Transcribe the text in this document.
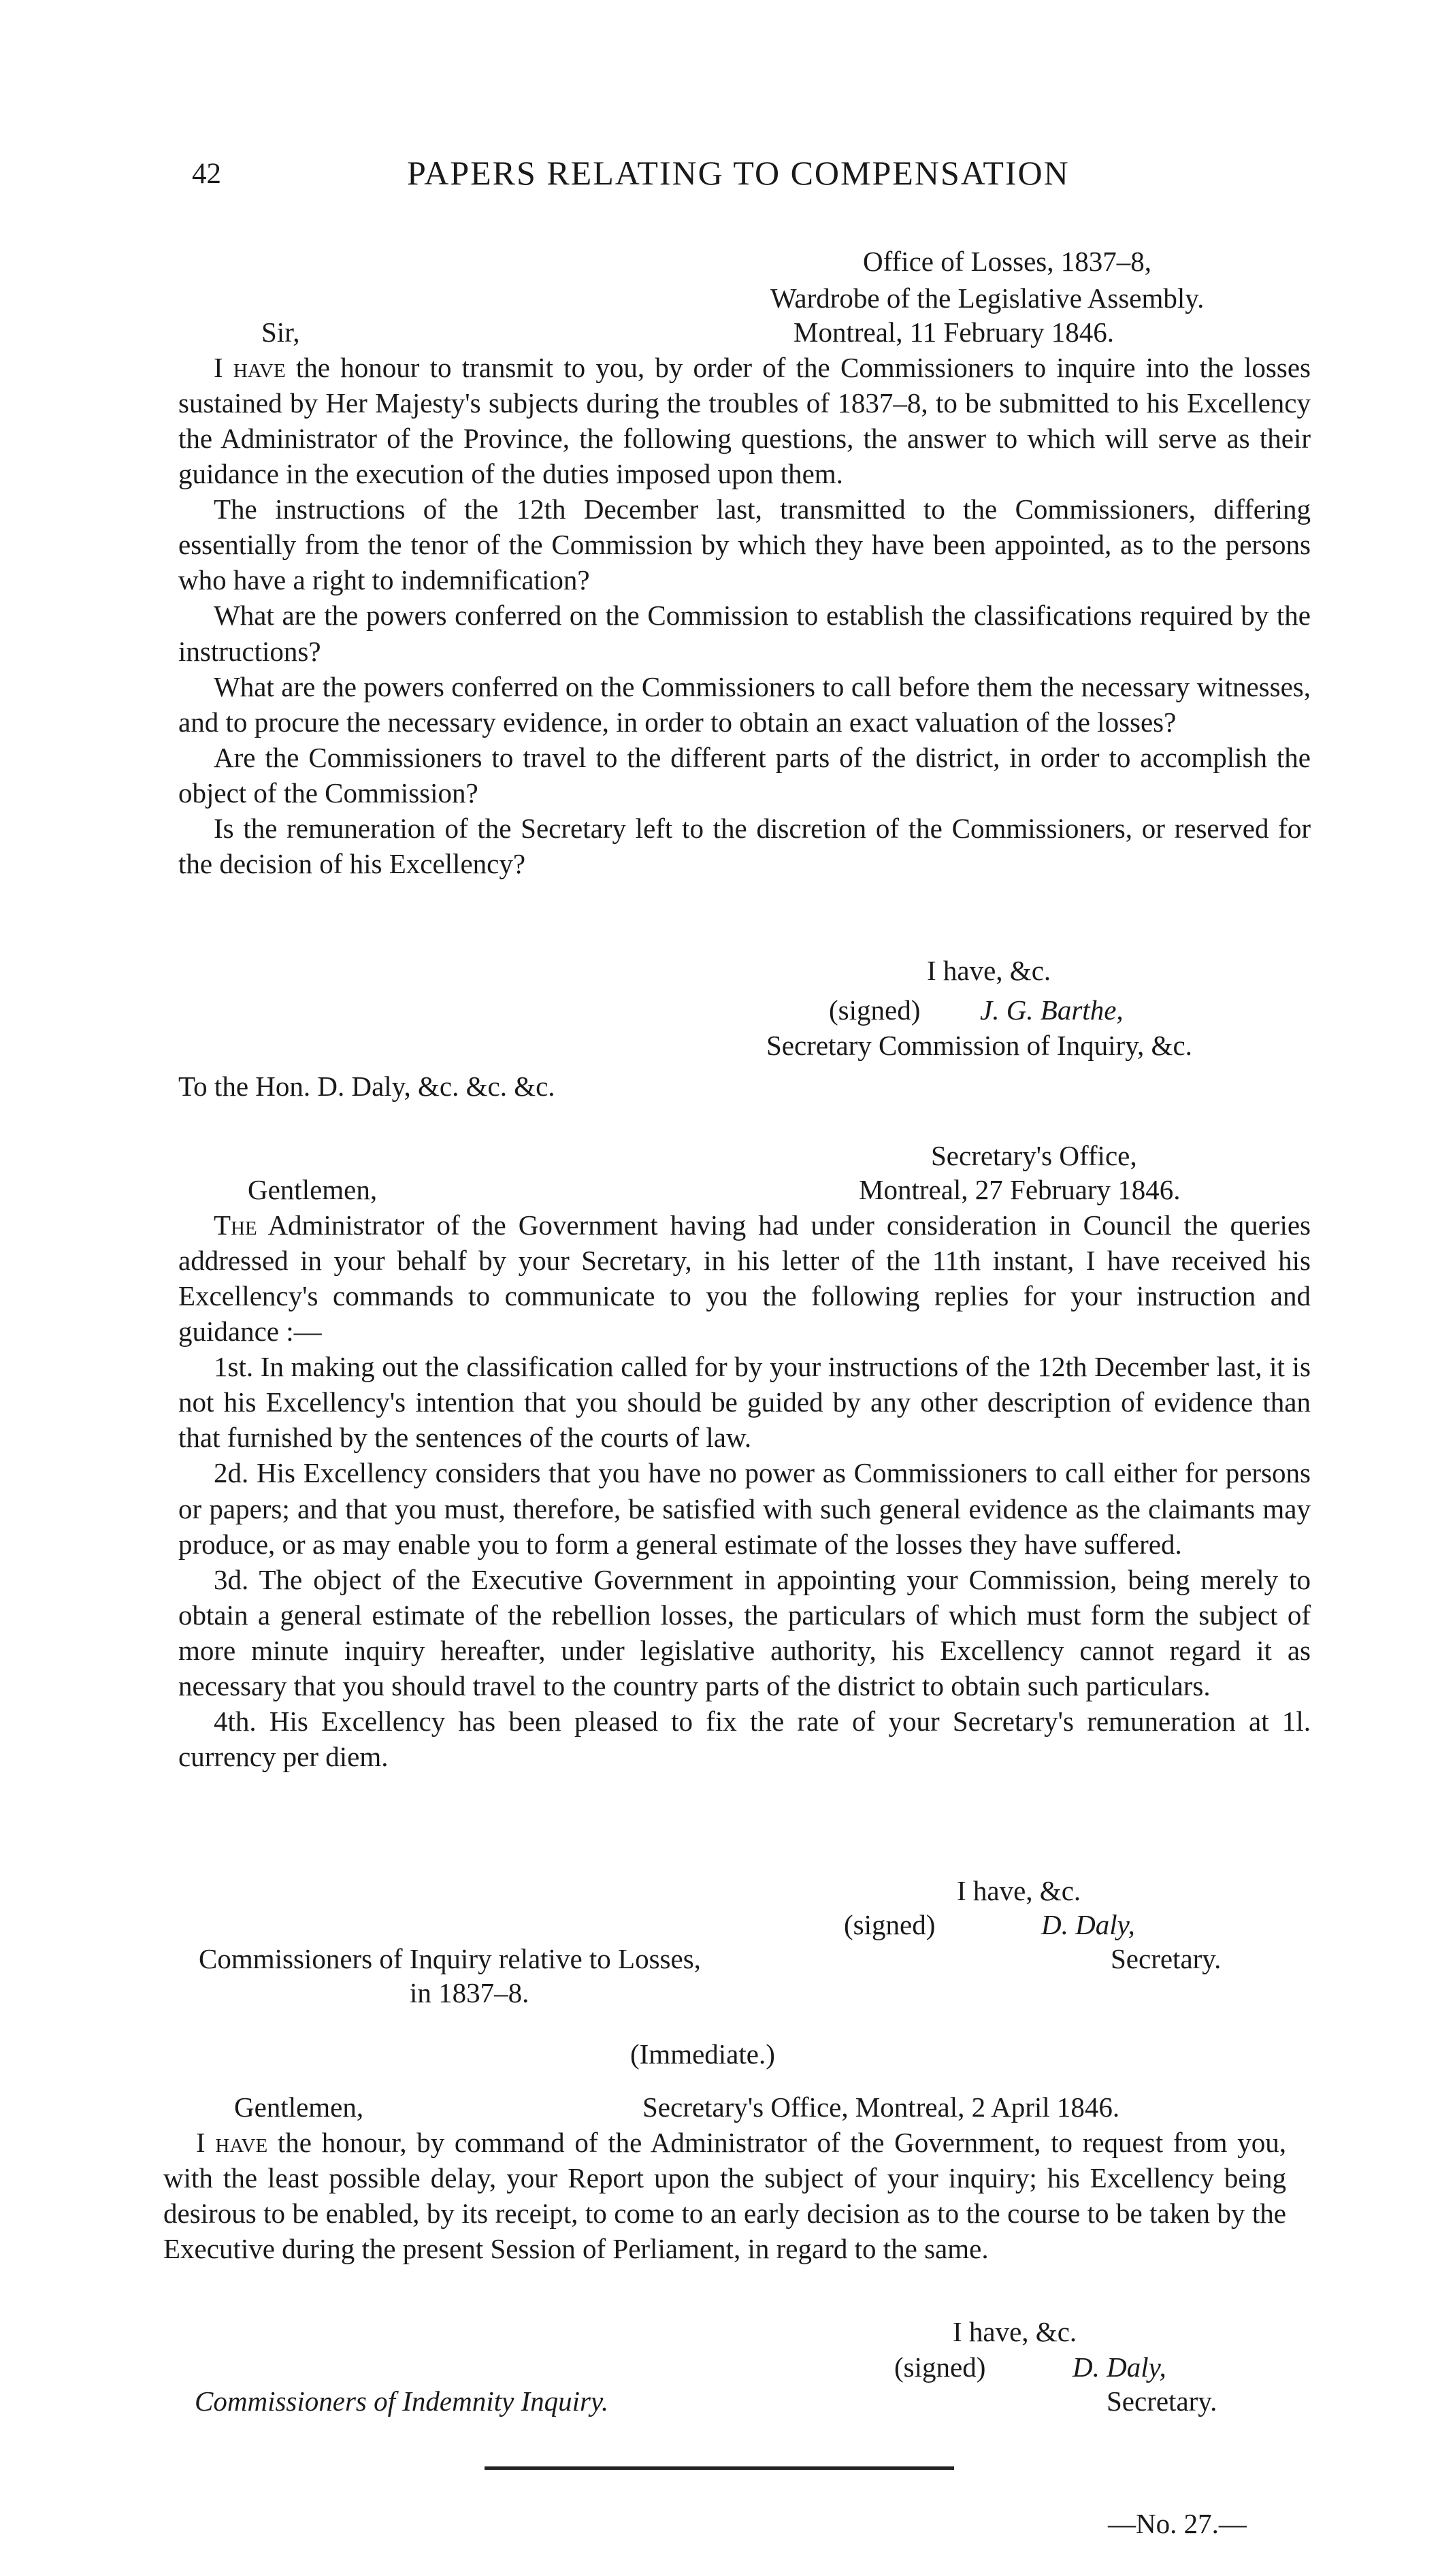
42	PAPERS RELATING TO COMPENSATION
Office of Losses, 1837–8,
Wardrobe of the Legislative Assembly.
Sir,	Montreal, 11 February 1846.

I have the honour to transmit to you, by order of the Commissioners to inquire into the losses sustained by Her Majesty's subjects during the troubles of 1837–8, to be submitted to his Excellency the Administrator of the Province, the following questions, the answer to which will serve as their guidance in the execution of the duties imposed upon them.

The instructions of the 12th December last, transmitted to the Commissioners, differing essentially from the tenor of the Commission by which they have been appointed, as to the persons who have a right to indemnification?

What are the powers conferred on the Commission to establish the classifications required by the instructions?

What are the powers conferred on the Commissioners to call before them the necessary witnesses, and to procure the necessary evidence, in order to obtain an exact valuation of the losses?

Are the Commissioners to travel to the different parts of the district, in order to accomplish the object of the Commission?

Is the remuneration of the Secretary left to the discretion of the Commissioners, or reserved for the decision of his Excellency?

I have, &c.
(signed) J. G. Barthe,
Secretary Commission of Inquiry, &c.
To the Hon. D. Daly, &c. &c. &c.
Secretary's Office,
Gentlemen,	Montreal, 27 February 1846.

The Administrator of the Government having had under consideration in Council the queries addressed in your behalf by your Secretary, in his letter of the 11th instant, I have received his Excellency's commands to communicate to you the following replies for your instruction and guidance :—

1st. In making out the classification called for by your instructions of the 12th December last, it is not his Excellency's intention that you should be guided by any other description of evidence than that furnished by the sentences of the courts of law.

2d. His Excellency considers that you have no power as Commissioners to call either for persons or papers; and that you must, therefore, be satisfied with such general evidence as the claimants may produce, or as may enable you to form a general estimate of the losses they have suffered.

3d. The object of the Executive Government in appointing your Commission, being merely to obtain a general estimate of the rebellion losses, the particulars of which must form the subject of more minute inquiry hereafter, under legislative authority, his Excellency cannot regard it as necessary that you should travel to the country parts of the district to obtain such particulars.

4th. His Excellency has been pleased to fix the rate of your Secretary's remuneration at 1l. currency per diem.

I have, &c.
(signed)	D. Daly,
Secretary.
Commissioners of Inquiry relative to Losses,
in 1837–8.
(Immediate.)
Gentlemen,	Secretary's Office, Montreal, 2 April 1846.

I have the honour, by command of the Administrator of the Government, to request from you, with the least possible delay, your Report upon the subject of your inquiry; his Excellency being desirous to be enabled, by its receipt, to come to an early decision as to the course to be taken by the Executive during the present Session of Perliament, in regard to the same.

I have, &c.
(signed)	D. Daly,
Secretary.
Commissioners of Indemnity Inquiry.
—No. 27.—
